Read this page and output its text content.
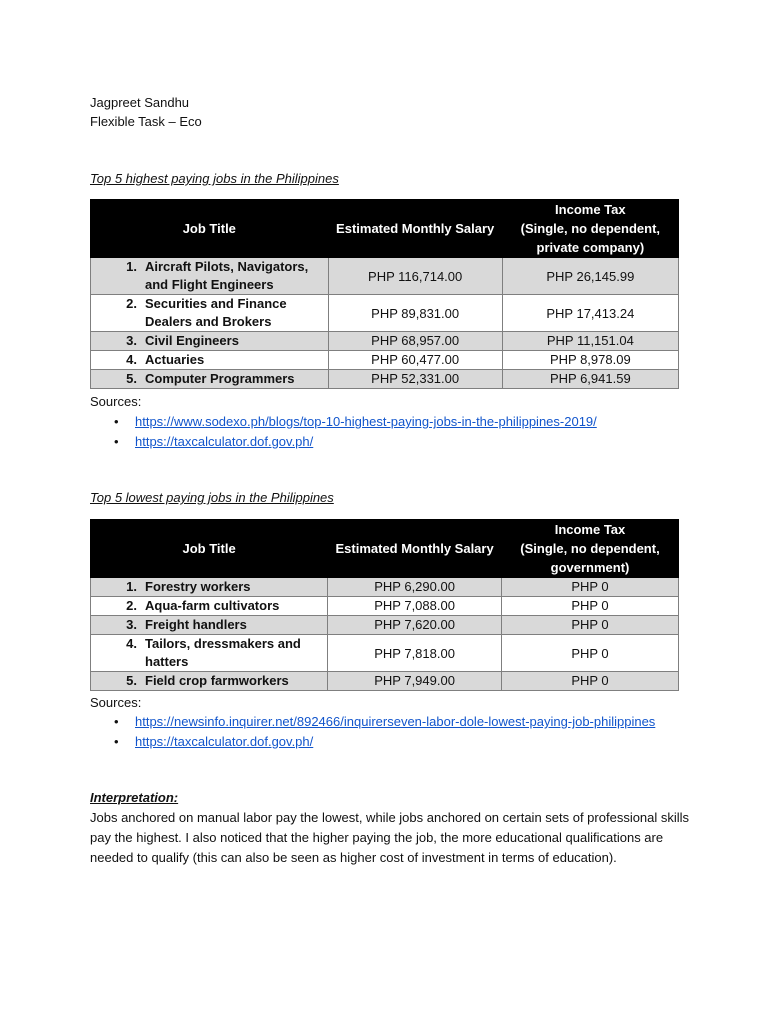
Jagpreet Sandhu
Flexible Task – Eco
Top 5 highest paying jobs in the Philippines
Job Title	Estimated Monthly Salary	Income Tax
(Single, no dependent,
private company)

1. Aircraft Pilots, Navigators, and Flight Engineers	PHP 116,714.00	PHP 26,145.99

2. Securities and Finance Dealers and Brokers	PHP 89,831.00	PHP 17,413.24

3. Civil Engineers	PHP 68,957.00	PHP 11,151.04

4. Actuaries	PHP 60,477.00	PHP 8,978.09

5. Computer Programmers	PHP 52,331.00	PHP 6,941.59
Sources:
• https://www.sodexo.ph/blogs/top-10-highest-paying-jobs-in-the-philippines-2019/
• https://taxcalculator.dof.gov.ph/
Top 5 lowest paying jobs in the Philippines
Job Title	Estimated Monthly Salary	Income Tax
(Single, no dependent,
government)

1. Forestry workers	PHP 6,290.00	PHP 0

2. Aqua-farm cultivators	PHP 7,088.00	PHP 0

3. Freight handlers	PHP 7,620.00	PHP 0

4. Tailors, dressmakers and hatters	PHP 7,818.00	PHP 0

5. Field crop farmworkers	PHP 7,949.00	PHP 0
Sources:
• https://newsinfo.inquirer.net/892466/inquirerseven-labor-dole-lowest-paying-job-philippines
• https://taxcalculator.dof.gov.ph/
Interpretation:
Jobs anchored on manual labor pay the lowest, while jobs anchored on certain sets of professional skills pay the highest. I also noticed that the higher paying the job, the more educational qualifications are needed to qualify (this can also be seen as higher cost of investment in terms of education).
